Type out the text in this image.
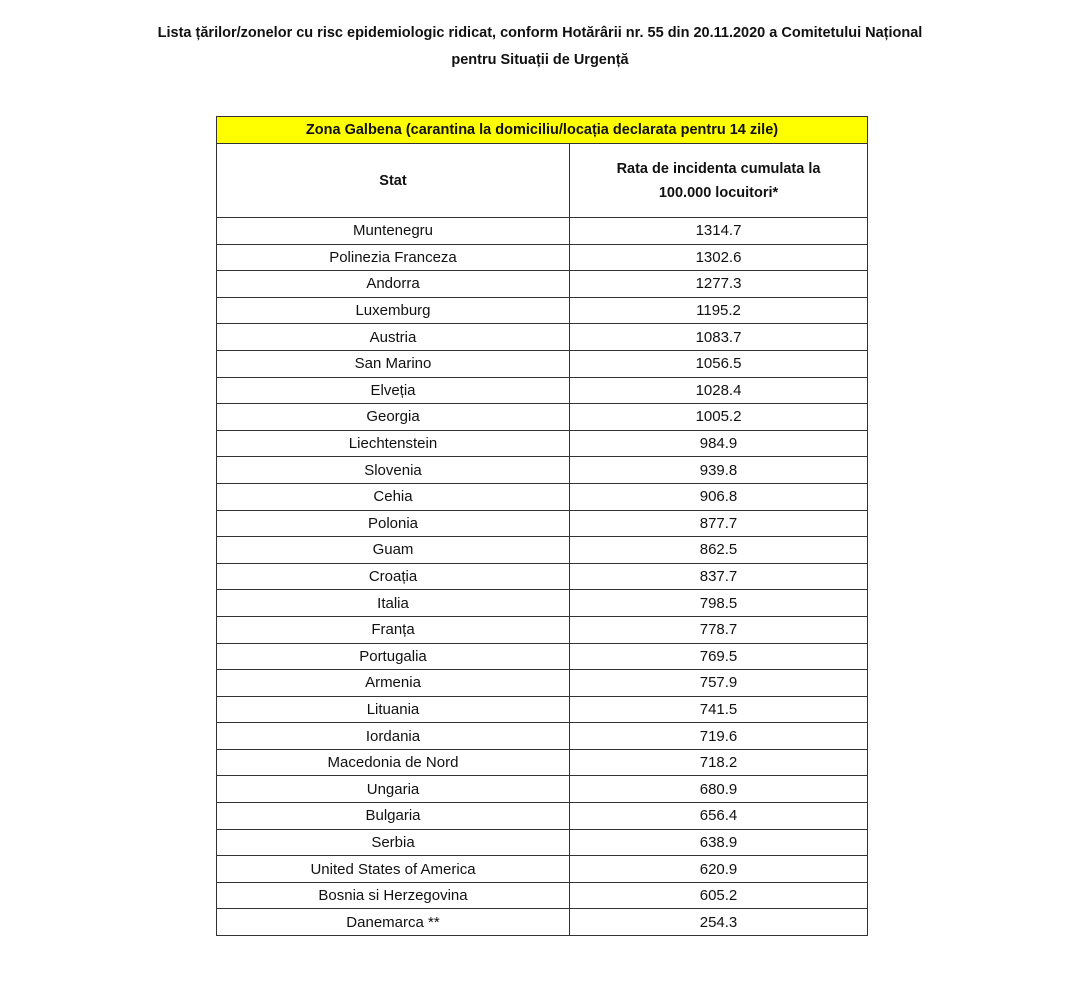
Lista țărilor/zonelor cu risc epidemiologic ridicat, conform Hotărârii nr. 55 din 20.11.2020 a Comitetului Național
pentru Situații de Urgență
Zona Galbena (carantina la domiciliu/locația declarata pentru 14 zile)	
Stat	Rata de incidenta cumulata la
100.000 locuitori*

Muntenegru	1314.7
Polinezia Franceza	1302.6
Andorra	1277.3
Luxemburg	1195.2
Austria	1083.7
San Marino	1056.5
Elveția	1028.4
Georgia	1005.2
Liechtenstein	984.9
Slovenia	939.8
Cehia	906.8
Polonia	877.7
Guam	862.5
Croația	837.7
Italia	798.5
Franța	778.7
Portugalia	769.5
Armenia	757.9
Lituania	741.5
Iordania	719.6
Macedonia de Nord	718.2
Ungaria	680.9
Bulgaria	656.4
Serbia	638.9
United States of America	620.9
Bosnia si Herzegovina	605.2
Danemarca **	254.3
